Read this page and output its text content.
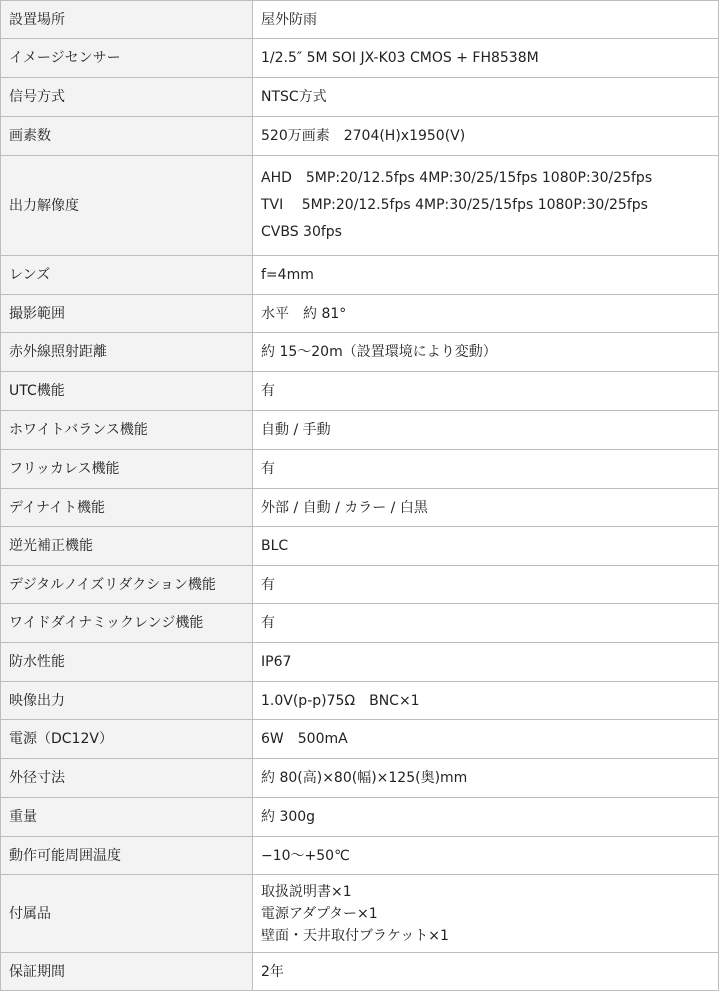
設置場所	屋外防雨

イメージセンサー	1/2.5″ 5M SOI JX-K03 CMOS + FH8538M

信号方式	NTSC方式

画素数	520万画素　2704(H)x1950(V)

出力解像度	AHD　5MP:20/12.5fps 4MP:30/25/15fps 1080P:30/25fps
TVI　 5MP:20/12.5fps 4MP:30/25/15fps 1080P:30/25fps
CVBS 30fps

レンズ	f=4mm

撮影範囲	水平　約 81°

赤外線照射距離	約 15～20m（設置環境により変動）

UTC機能	有

ホワイトバランス機能	自動 / 手動

フリッカレス機能	有

デイナイト機能	外部 / 自動 / カラー / 白黒

逆光補正機能	BLC

デジタルノイズリダクション機能	有

ワイドダイナミックレンジ機能	有

防水性能	IP67

映像出力	1.0V(p-p)75Ω　BNC×1

電源（DC12V）	6W　500mA

外径寸法	約 80(高)×80(幅)×125(奥)mm

重量	約 300g

動作可能周囲温度	−10～+50℃

付属品	取扱説明書×1
電源アダプター×1
壁面・天井取付ブラケット×1

保証期間	2年
